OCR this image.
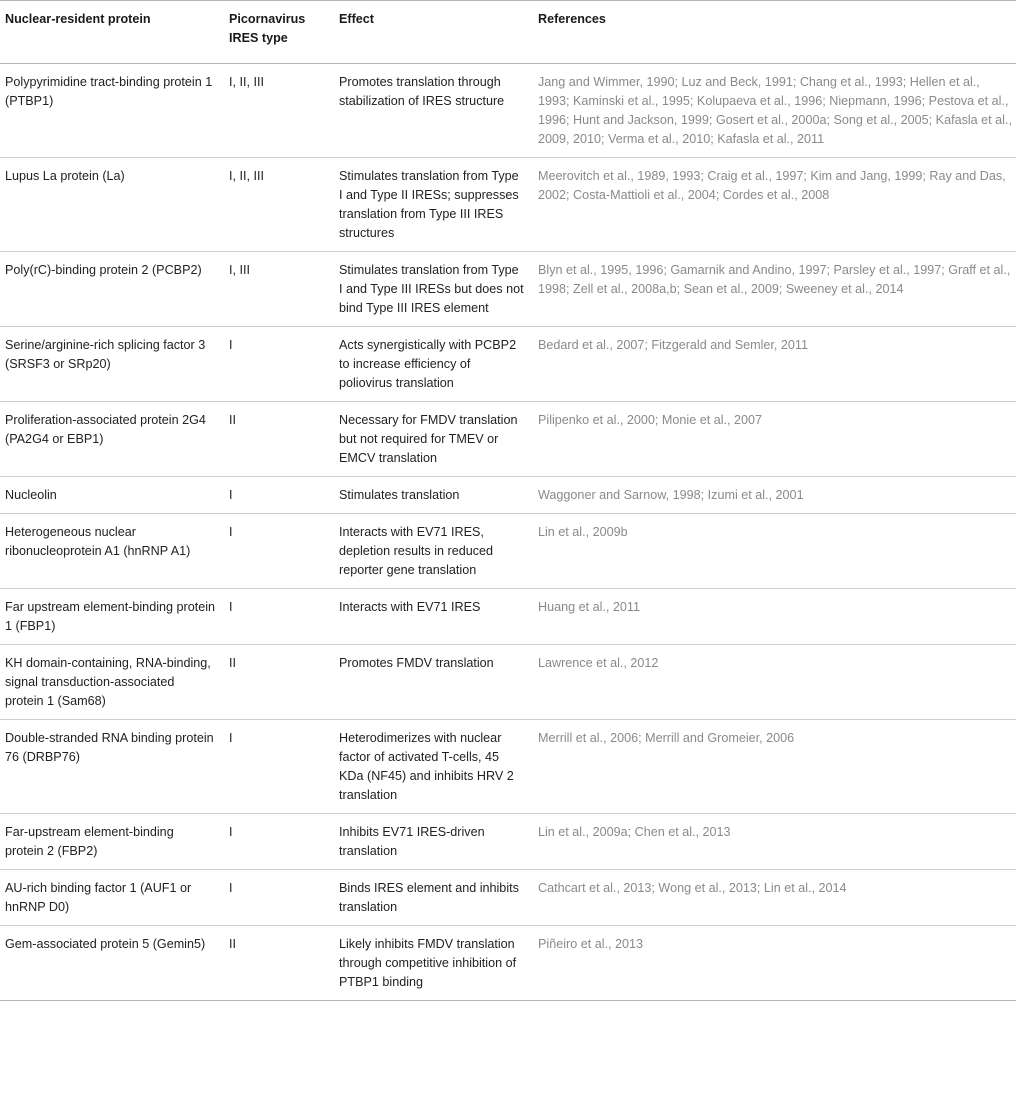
Nuclear-resident protein	Picornavirus IRES type	Effect	References
Polypyrimidine tract-binding protein 1 (PTBP1)	I, II, III	Promotes translation through stabilization of IRES structure	Jang and Wimmer, 1990; Luz and Beck, 1991; Chang et al., 1993; Hellen et al., 1993; Kaminski et al., 1995; Kolupaeva et al., 1996; Niepmann, 1996; Pestova et al., 1996; Hunt and Jackson, 1999; Gosert et al., 2000a; Song et al., 2005; Kafasla et al., 2009, 2010; Verma et al., 2010; Kafasla et al., 2011
Lupus La protein (La)	I, II, III	Stimulates translation from Type I and Type II IRESs; suppresses translation from Type III IRES structures	Meerovitch et al., 1989, 1993; Craig et al., 1997; Kim and Jang, 1999; Ray and Das, 2002; Costa-Mattioli et al., 2004; Cordes et al., 2008
Poly(rC)-binding protein 2 (PCBP2)	I, III	Stimulates translation from Type I and Type III IRESs but does not bind Type III IRES element	Blyn et al., 1995, 1996; Gamarnik and Andino, 1997; Parsley et al., 1997; Graff et al., 1998; Zell et al., 2008a,b; Sean et al., 2009; Sweeney et al., 2014
Serine/arginine-rich splicing factor 3 (SRSF3 or SRp20)	I	Acts synergistically with PCBP2 to increase efficiency of poliovirus translation	Bedard et al., 2007; Fitzgerald and Semler, 2011
Proliferation-associated protein 2G4 (PA2G4 or EBP1)	II	Necessary for FMDV translation but not required for TMEV or EMCV translation	Pilipenko et al., 2000; Monie et al., 2007
Nucleolin	I	Stimulates translation	Waggoner and Sarnow, 1998; Izumi et al., 2001
Heterogeneous nuclear ribonucleoprotein A1 (hnRNP A1)	I	Interacts with EV71 IRES, depletion results in reduced reporter gene translation	Lin et al., 2009b
Far upstream element-binding protein 1 (FBP1)	I	Interacts with EV71 IRES	Huang et al., 2011
KH domain-containing, RNA-binding, signal transduction-associated protein 1 (Sam68)	II	Promotes FMDV translation	Lawrence et al., 2012
Double-stranded RNA binding protein 76 (DRBP76)	I	Heterodimerizes with nuclear factor of activated T-cells, 45 KDa (NF45) and inhibits HRV 2 translation	Merrill et al., 2006; Merrill and Gromeier, 2006
Far-upstream element-binding protein 2 (FBP2)	I	Inhibits EV71 IRES-driven translation	Lin et al., 2009a; Chen et al., 2013
AU-rich binding factor 1 (AUF1 or hnRNP D0)	I	Binds IRES element and inhibits translation	Cathcart et al., 2013; Wong et al., 2013; Lin et al., 2014
Gem-associated protein 5 (Gemin5)	II	Likely inhibits FMDV translation through competitive inhibition of PTBP1 binding	Piñeiro et al., 2013
